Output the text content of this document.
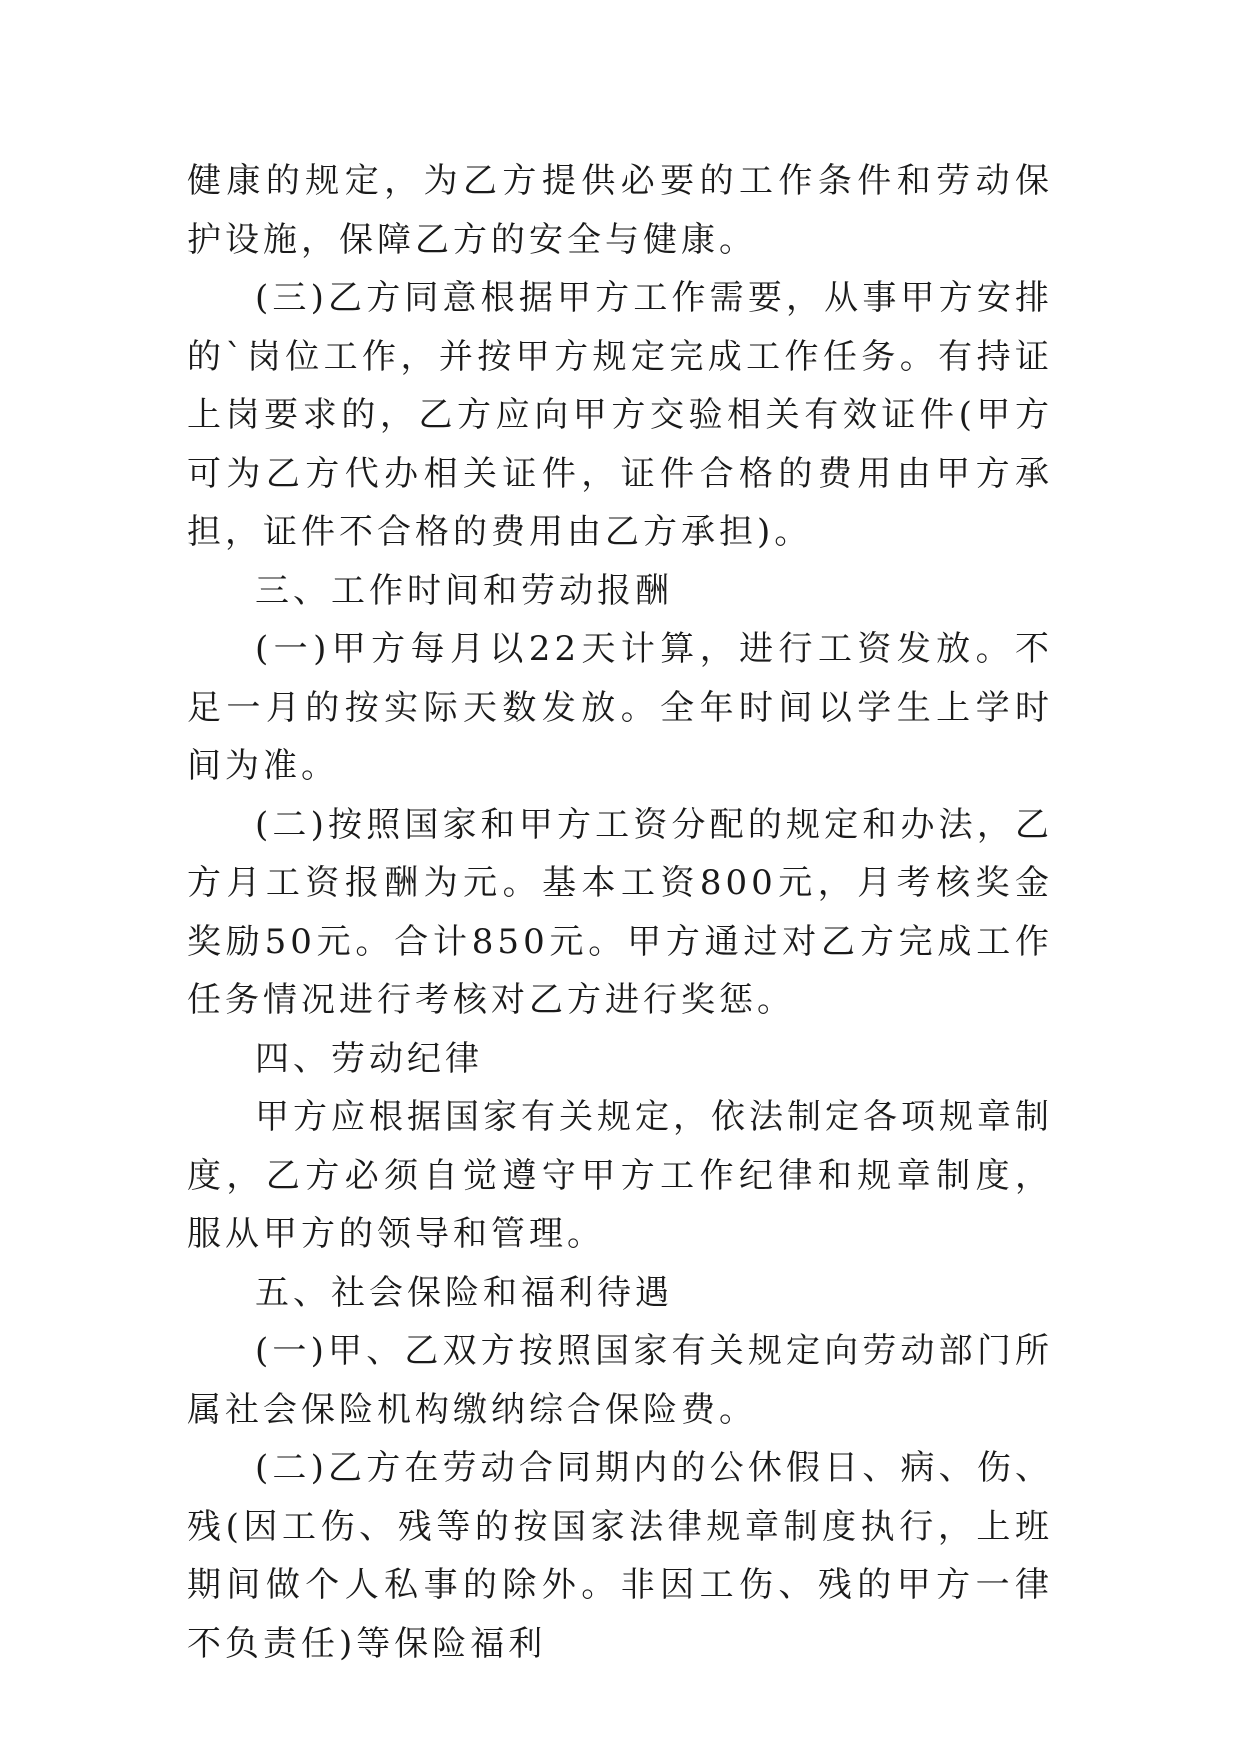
健康的规定，为乙方提供必要的工作条件和劳动保护设施，保障乙方的安全与健康。

(三)乙方同意根据甲方工作需要，从事甲方安排的`岗位工作，并按甲方规定完成工作任务。有持证上岗要求的，乙方应向甲方交验相关有效证件(甲方可为乙方代办相关证件，证件合格的费用由甲方承担，证件不合格的费用由乙方承担)。

三、工作时间和劳动报酬

(一)甲方每月以22天计算，进行工资发放。不足一月的按实际天数发放。全年时间以学生上学时间为准。

(二)按照国家和甲方工资分配的规定和办法，乙方月工资报酬为元。基本工资800元，月考核奖金奖励50元。合计850元。甲方通过对乙方完成工作任务情况进行考核对乙方进行奖惩。

四、劳动纪律

甲方应根据国家有关规定，依法制定各项规章制度，乙方必须自觉遵守甲方工作纪律和规章制度，服从甲方的领导和管理。

五、社会保险和福利待遇

(一)甲、乙双方按照国家有关规定向劳动部门所属社会保险机构缴纳综合保险费。

(二)乙方在劳动合同期内的公休假日、病、伤、残(因工伤、残等的按国家法律规章制度执行，上班期间做个人私事的除外。非因工伤、残的甲方一律不负责任)等保险福利
